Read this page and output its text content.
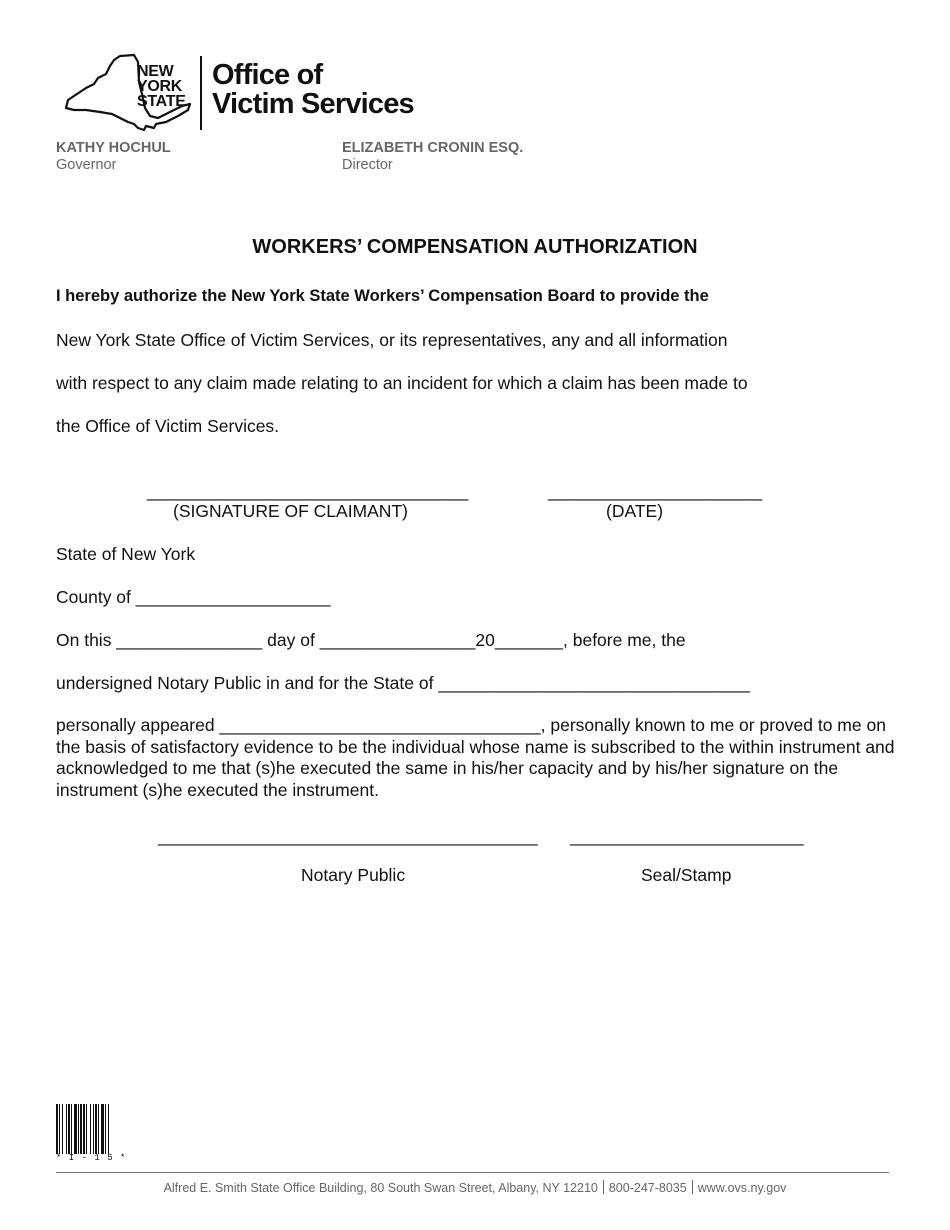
NEW
YORK
STATE
Office of
Victim Services
KATHY HOCHUL
Governor
ELIZABETH CRONIN ESQ.
Director
WORKERS’ COMPENSATION AUTHORIZATION
I hereby authorize the New York State Workers’ Compensation Board to provide the
New York State Office of Victim Services, or its representatives, any and all information
with respect to any claim made relating to an incident for which a claim has been made to
the Office of Victim Services.
_________________________________	______________________
(SIGNATURE OF CLAIMANT)	(DATE)
State of New York
County of ____________________
On this _______________ day of ________________20_______, before me, the
undersigned Notary Public in and for the State of ________________________________
personally appeared _________________________________, personally known to me or proved to me on the basis of satisfactory evidence to be the individual whose name is subscribed to the within instrument and acknowledged to me that (s)he executed the same in his/her capacity and by his/her signature on the instrument (s)he executed the instrument.
_______________________________________ ________________________
Notary Public	Seal/Stamp
* I - 1 5 *
Alfred E. Smith State Office Building, 80 South Swan Street, Albany, NY 12210 800-247-8035 www.ovs.ny.gov
